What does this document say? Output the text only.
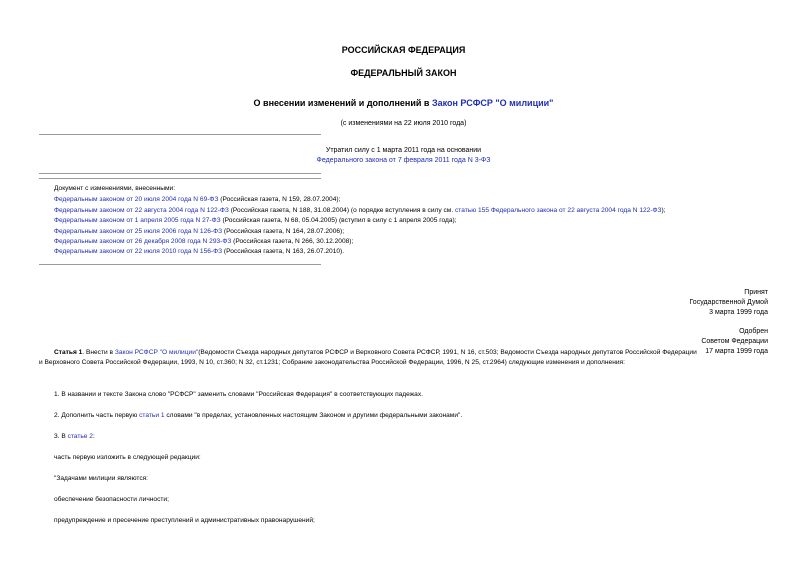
РОССИЙСКАЯ ФЕДЕРАЦИЯ
ФЕДЕРАЛЬНЫЙ ЗАКОН
О внесении изменений и дополнений в Закон РСФСР "О милиции"
(с изменениями на 22 июля 2010 года)
Утратил силу с 1 марта 2011 года на основании
Федерального закона от 7 февраля 2011 года N 3-ФЗ
Документ с изменениями, внесенными:
Федеральным законом от 20 июля 2004 года N 69-ФЗ (Российская газета, N 159, 28.07.2004);
Федеральным законом от 22 августа 2004 года N 122-ФЗ (Российская газета, N 188, 31.08.2004) (о порядке вступления в силу см. статью 155 Федерального закона от 22 августа 2004 года N 122-ФЗ);
Федеральным законом от 1 апреля 2005 года N 27-ФЗ (Российская газета, N 68, 05.04.2005) (вступил в силу с 1 апреля 2005 года);
Федеральным законом от 25 июля 2006 года N 126-ФЗ (Российская газета, N 164, 28.07.2006);
Федеральным законом от 26 декабря 2008 года N 293-ФЗ (Российская газета, N 266, 30.12.2008);
Федеральным законом от 22 июля 2010 года N 156-ФЗ (Российская газета, N 163, 26.07.2010).
Принят
Государственной Думой
3 марта 1999 года
Одобрен
Советом Федерации
Статья 1. Внести в Закон РСФСР "О милиции"(Ведомости Съезда народных депутатов РСФСР и Верховного Совета РСФСР, 1991, N 16, ст.503; Ведомости Съезда народных депутатов Российской Федерации 17 марта 1999 года
и Верховного Совета Российской Федерации, 1993, N 10, ст.360; N 32, ст.1231; Собрание законодательства Российской Федерации, 1996, N 25, ст.2964) следующие изменения и дополнения:
1. В названии и тексте Закона слово "РСФСР" заменить словами "Российская Федерация" в соответствующих падежах.
2. Дополнить часть первую статьи 1 словами "в пределах, установленных настоящим Законом и другими федеральными законами".
3. В статье 2:
часть первую изложить в следующей редакции:
"Задачами милиции являются:
обеспечение безопасности личности;
предупреждение и пресечение преступлений и административных правонарушений;
